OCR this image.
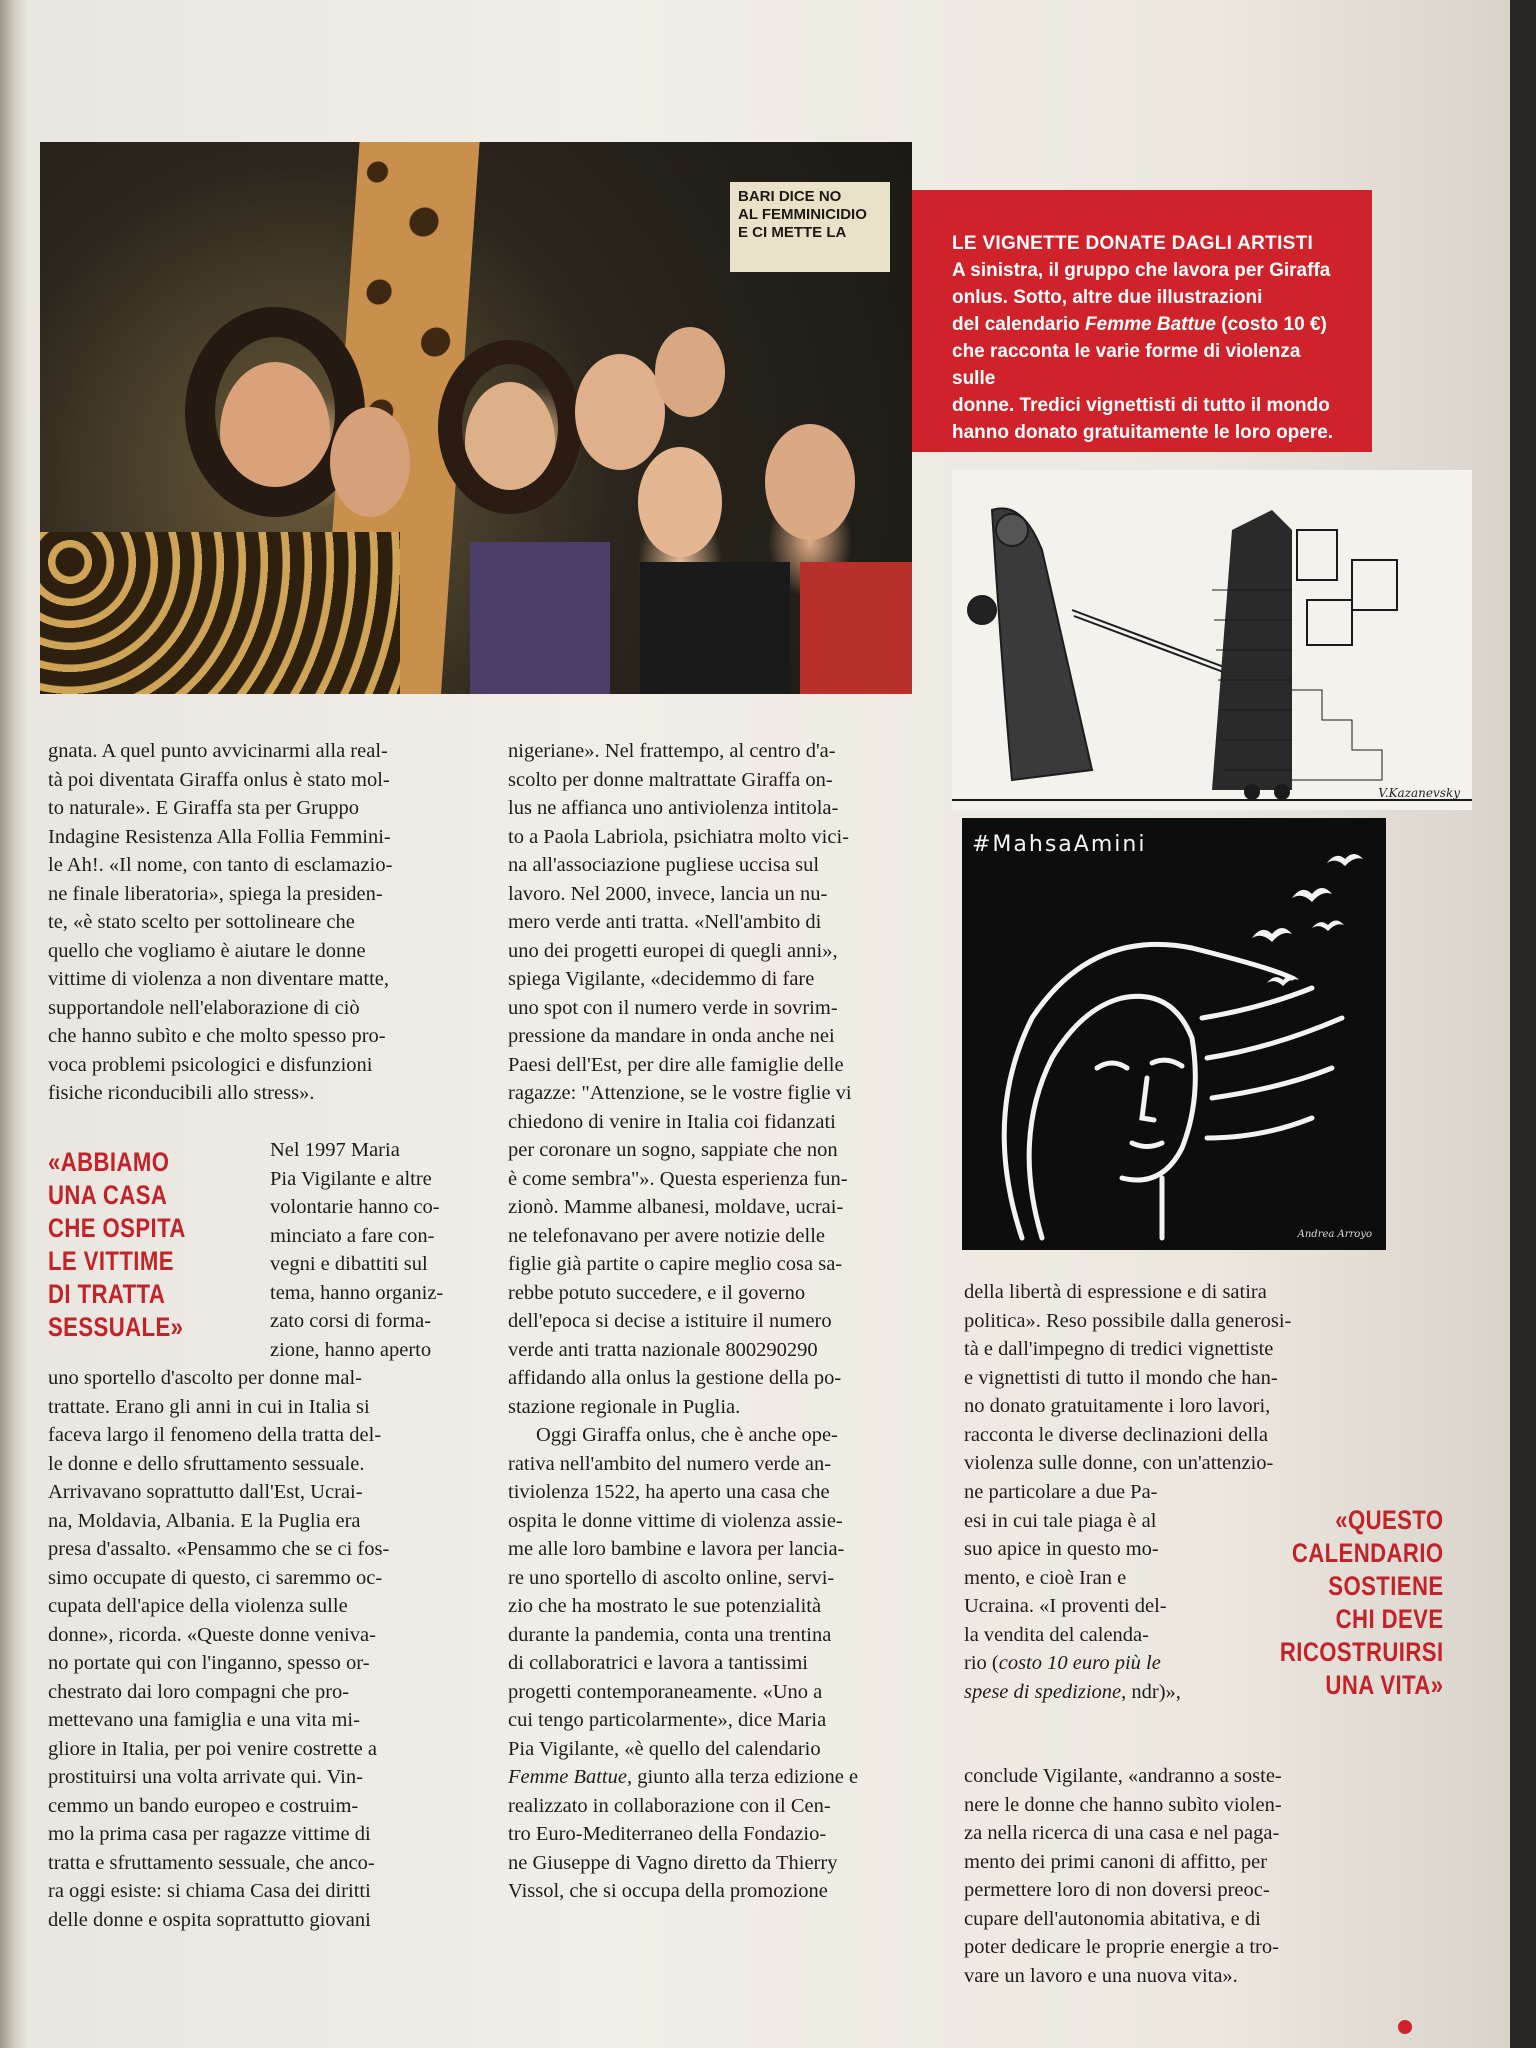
BARI DICE NO
AL FEMMINICIDIO
E CI METTE LA
LE VIGNETTE DONATE DAGLI ARTISTI
A sinistra, il gruppo che lavora per Giraffa
onlus. Sotto, altre due illustrazioni
del calendario Femme Battue (costo 10 €)
che racconta le varie forme di violenza sulle
donne. Tredici vignettisti di tutto il mondo
hanno donato gratuitamente le loro opere.
V.Kazanevsky
#MahsaAmini
Andrea Arroyo
gnata. A quel punto avvicinarmi alla real-
tà poi diventata Giraffa onlus è stato mol-
to naturale». E Giraffa sta per Gruppo
Indagine Resistenza Alla Follia Femmini-
le Ah!. «Il nome, con tanto di esclamazio-
ne finale liberatoria», spiega la presiden-
te, «è stato scelto per sottolineare che
quello che vogliamo è aiutare le donne
vittime di violenza a non diventare matte,
supportandole nell'elaborazione di ciò
che hanno subìto e che molto spesso pro-
voca problemi psicologici e disfunzioni
fisiche riconducibili allo stress».
Nel 1997 Maria
Pia Vigilante e altre
volontarie hanno co-
minciato a fare con-
vegni e dibattiti sul
tema, hanno organiz-
zato corsi di forma-
zione, hanno aperto
«ABBIAMO
UNA CASA
CHE OSPITA
LE VITTIME
DI TRATTA
SESSUALE»
uno sportello d'ascolto per donne mal-
trattate. Erano gli anni in cui in Italia si
faceva largo il fenomeno della tratta del-
le donne e dello sfruttamento sessuale.
Arrivavano soprattutto dall'Est, Ucrai-
na, Moldavia, Albania. E la Puglia era
presa d'assalto. «Pensammo che se ci fos-
simo occupate di questo, ci saremmo oc-
cupata dell'apice della violenza sulle
donne», ricorda. «Queste donne veniva-
no portate qui con l'inganno, spesso or-
chestrato dai loro compagni che pro-
mettevano una famiglia e una vita mi-
gliore in Italia, per poi venire costrette a
prostituirsi una volta arrivate qui. Vin-
cemmo un bando europeo e costruim-
mo la prima casa per ragazze vittime di
tratta e sfruttamento sessuale, che anco-
ra oggi esiste: si chiama Casa dei diritti
delle donne e ospita soprattutto giovani
nigeriane». Nel frattempo, al centro d'a-
scolto per donne maltrattate Giraffa on-
lus ne affianca uno antiviolenza intitola-
to a Paola Labriola, psichiatra molto vici-
na all'associazione pugliese uccisa sul
lavoro. Nel 2000, invece, lancia un nu-
mero verde anti tratta. «Nell'ambito di
uno dei progetti europei di quegli anni»,
spiega Vigilante, «decidemmo di fare
uno spot con il numero verde in sovrim-
pressione da mandare in onda anche nei
Paesi dell'Est, per dire alle famiglie delle
ragazze: "Attenzione, se le vostre figlie vi
chiedono di venire in Italia coi fidanzati
per coronare un sogno, sappiate che non
è come sembra"». Questa esperienza fun-
zionò. Mamme albanesi, moldave, ucrai-
ne telefonavano per avere notizie delle
figlie già partite o capire meglio cosa sa-
rebbe potuto succedere, e il governo
dell'epoca si decise a istituire il numero
verde anti tratta nazionale 800290290
affidando alla onlus la gestione della po-
stazione regionale in Puglia.
Oggi Giraffa onlus, che è anche ope-
rativa nell'ambito del numero verde an-
tiviolenza 1522, ha aperto una casa che
ospita le donne vittime di violenza assie-
me alle loro bambine e lavora per lancia-
re uno sportello di ascolto online, servi-
zio che ha mostrato le sue potenzialità
durante la pandemia, conta una trentina
di collaboratrici e lavora a tantissimi
progetti contemporaneamente. «Uno a
cui tengo particolarmente», dice Maria
Pia Vigilante, «è quello del calendario
Femme Battue, giunto alla terza edizione e
realizzato in collaborazione con il Cen-
tro Euro-Mediterraneo della Fondazio-
ne Giuseppe di Vagno diretto da Thierry
Vissol, che si occupa della promozione
della libertà di espressione e di satira
politica». Reso possibile dalla generosi-
tà e dall'impegno di tredici vignettiste
e vignettisti di tutto il mondo che han-
no donato gratuitamente i loro lavori,
racconta le diverse declinazioni della
violenza sulle donne, con un'attenzio-
ne particolare a due Pa-
esi in cui tale piaga è al
suo apice in questo mo-
mento, e cioè Iran e
Ucraina. «I proventi del-
la vendita del calenda-
rio (costo 10 euro più le
spese di spedizione, ndr)»,
«QUESTO
CALENDARIO
SOSTIENE
CHI DEVE
RICOSTRUIRSI
UNA VITA»
conclude Vigilante, «andranno a soste-
nere le donne che hanno subìto violen-
za nella ricerca di una casa e nel paga-
mento dei primi canoni di affitto, per
permettere loro di non doversi preoc-
cupare dell'autonomia abitativa, e di
poter dedicare le proprie energie a tro-
vare un lavoro e una nuova vita».
